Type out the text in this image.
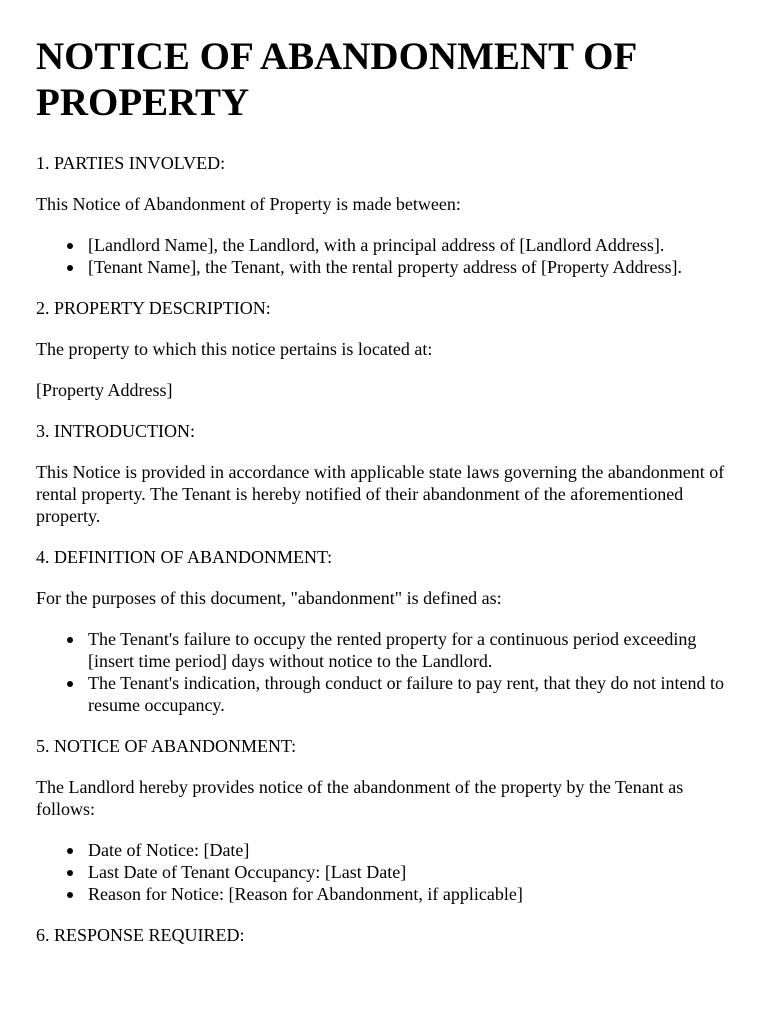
NOTICE OF ABANDONMENT OF PROPERTY
1. PARTIES INVOLVED:
This Notice of Abandonment of Property is made between:
[Landlord Name], the Landlord, with a principal address of [Landlord Address].
[Tenant Name], the Tenant, with the rental property address of [Property Address].
2. PROPERTY DESCRIPTION:
The property to which this notice pertains is located at:
[Property Address]
3. INTRODUCTION:
This Notice is provided in accordance with applicable state laws governing the abandonment of rental property. The Tenant is hereby notified of their abandonment of the aforementioned property.
4. DEFINITION OF ABANDONMENT:
For the purposes of this document, "abandonment" is defined as:
The Tenant's failure to occupy the rented property for a continuous period exceeding [insert time period] days without notice to the Landlord.
The Tenant's indication, through conduct or failure to pay rent, that they do not intend to resume occupancy.
5. NOTICE OF ABANDONMENT:
The Landlord hereby provides notice of the abandonment of the property by the Tenant as follows:
Date of Notice: [Date]
Last Date of Tenant Occupancy: [Last Date]
Reason for Notice: [Reason for Abandonment, if applicable]
6. RESPONSE REQUIRED:
